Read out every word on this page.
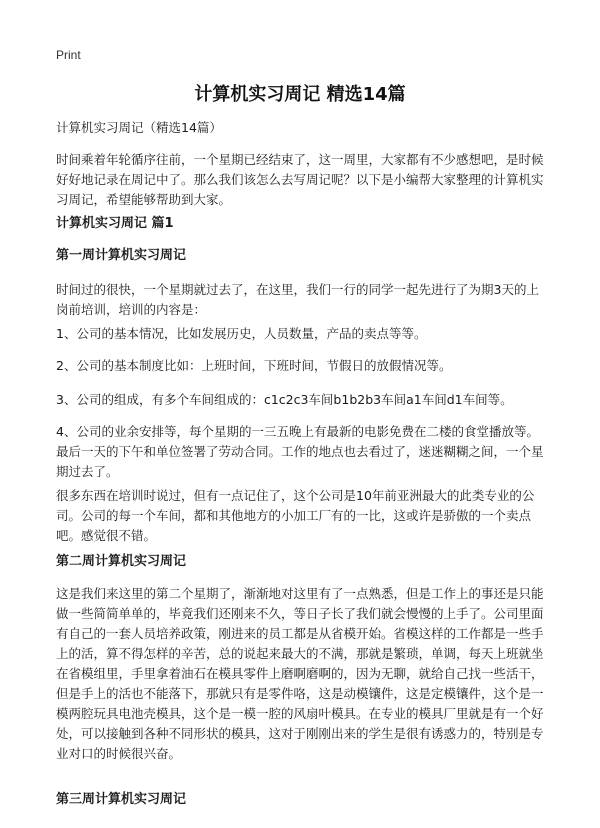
Print
计算机实习周记 精选14篇

计算机实习周记（精选14篇）

时间乘着年轮循序往前，一个星期已经结束了，这一周里，大家都有不少感想吧，是时候好好地记录在周记中了。那么我们该怎么去写周记呢？以下是小编帮大家整理的计算机实习周记，希望能够帮助到大家。

计算机实习周记 篇1

第一周计算机实习周记

时间过的很快，一个星期就过去了，在这里，我们一行的同学一起先进行了为期3天的上岗前培训，培训的内容是：

1、公司的基本情况，比如发展历史，人员数量，产品的卖点等等。

2、公司的基本制度比如：上班时间，下班时间，节假日的放假情况等。

3、公司的组成，有多个车间组成的：c1c2c3车间b1b2b3车间a1车间d1车间等。

4、公司的业余安排等，每个星期的一三五晚上有最新的电影免费在二楼的食堂播放等。最后一天的下午和单位签署了劳动合同。工作的地点也去看过了，迷迷糊糊之间，一个星期过去了。

很多东西在培训时说过，但有一点记住了，这个公司是10年前亚洲最大的此类专业的公司。公司的每一个车间，都和其他地方的小加工厂有的一比，这或许是骄傲的一个卖点吧。感觉很不错。

第二周计算机实习周记

这是我们来这里的第二个星期了，渐渐地对这里有了一点熟悉，但是工作上的事还是只能做一些简简单单的，毕竟我们还刚来不久，等日子长了我们就会慢慢的上手了。公司里面有自己的一套人员培养政策，刚进来的员工都是从省模开始。省模这样的工作都是一些手上的活，算不得怎样的辛苦，总的说起来最大的不满，那就是繁琐，单调，每天上班就坐在省模组里，手里拿着油石在模具零件上磨啊磨啊的，因为无聊，就给自己找一些活干，但是手上的活也不能落下，那就只有是零件咯，这是动模镶件，这是定模镶件，这个是一模两腔玩具电池壳模具，这个是一模一腔的风扇叶模具。在专业的模具厂里就是有一个好处，可以接触到各种不同形状的模具，这对于刚刚出来的学生是很有诱惑力的，特别是专业对口的时候很兴奋。

第三周计算机实习周记
